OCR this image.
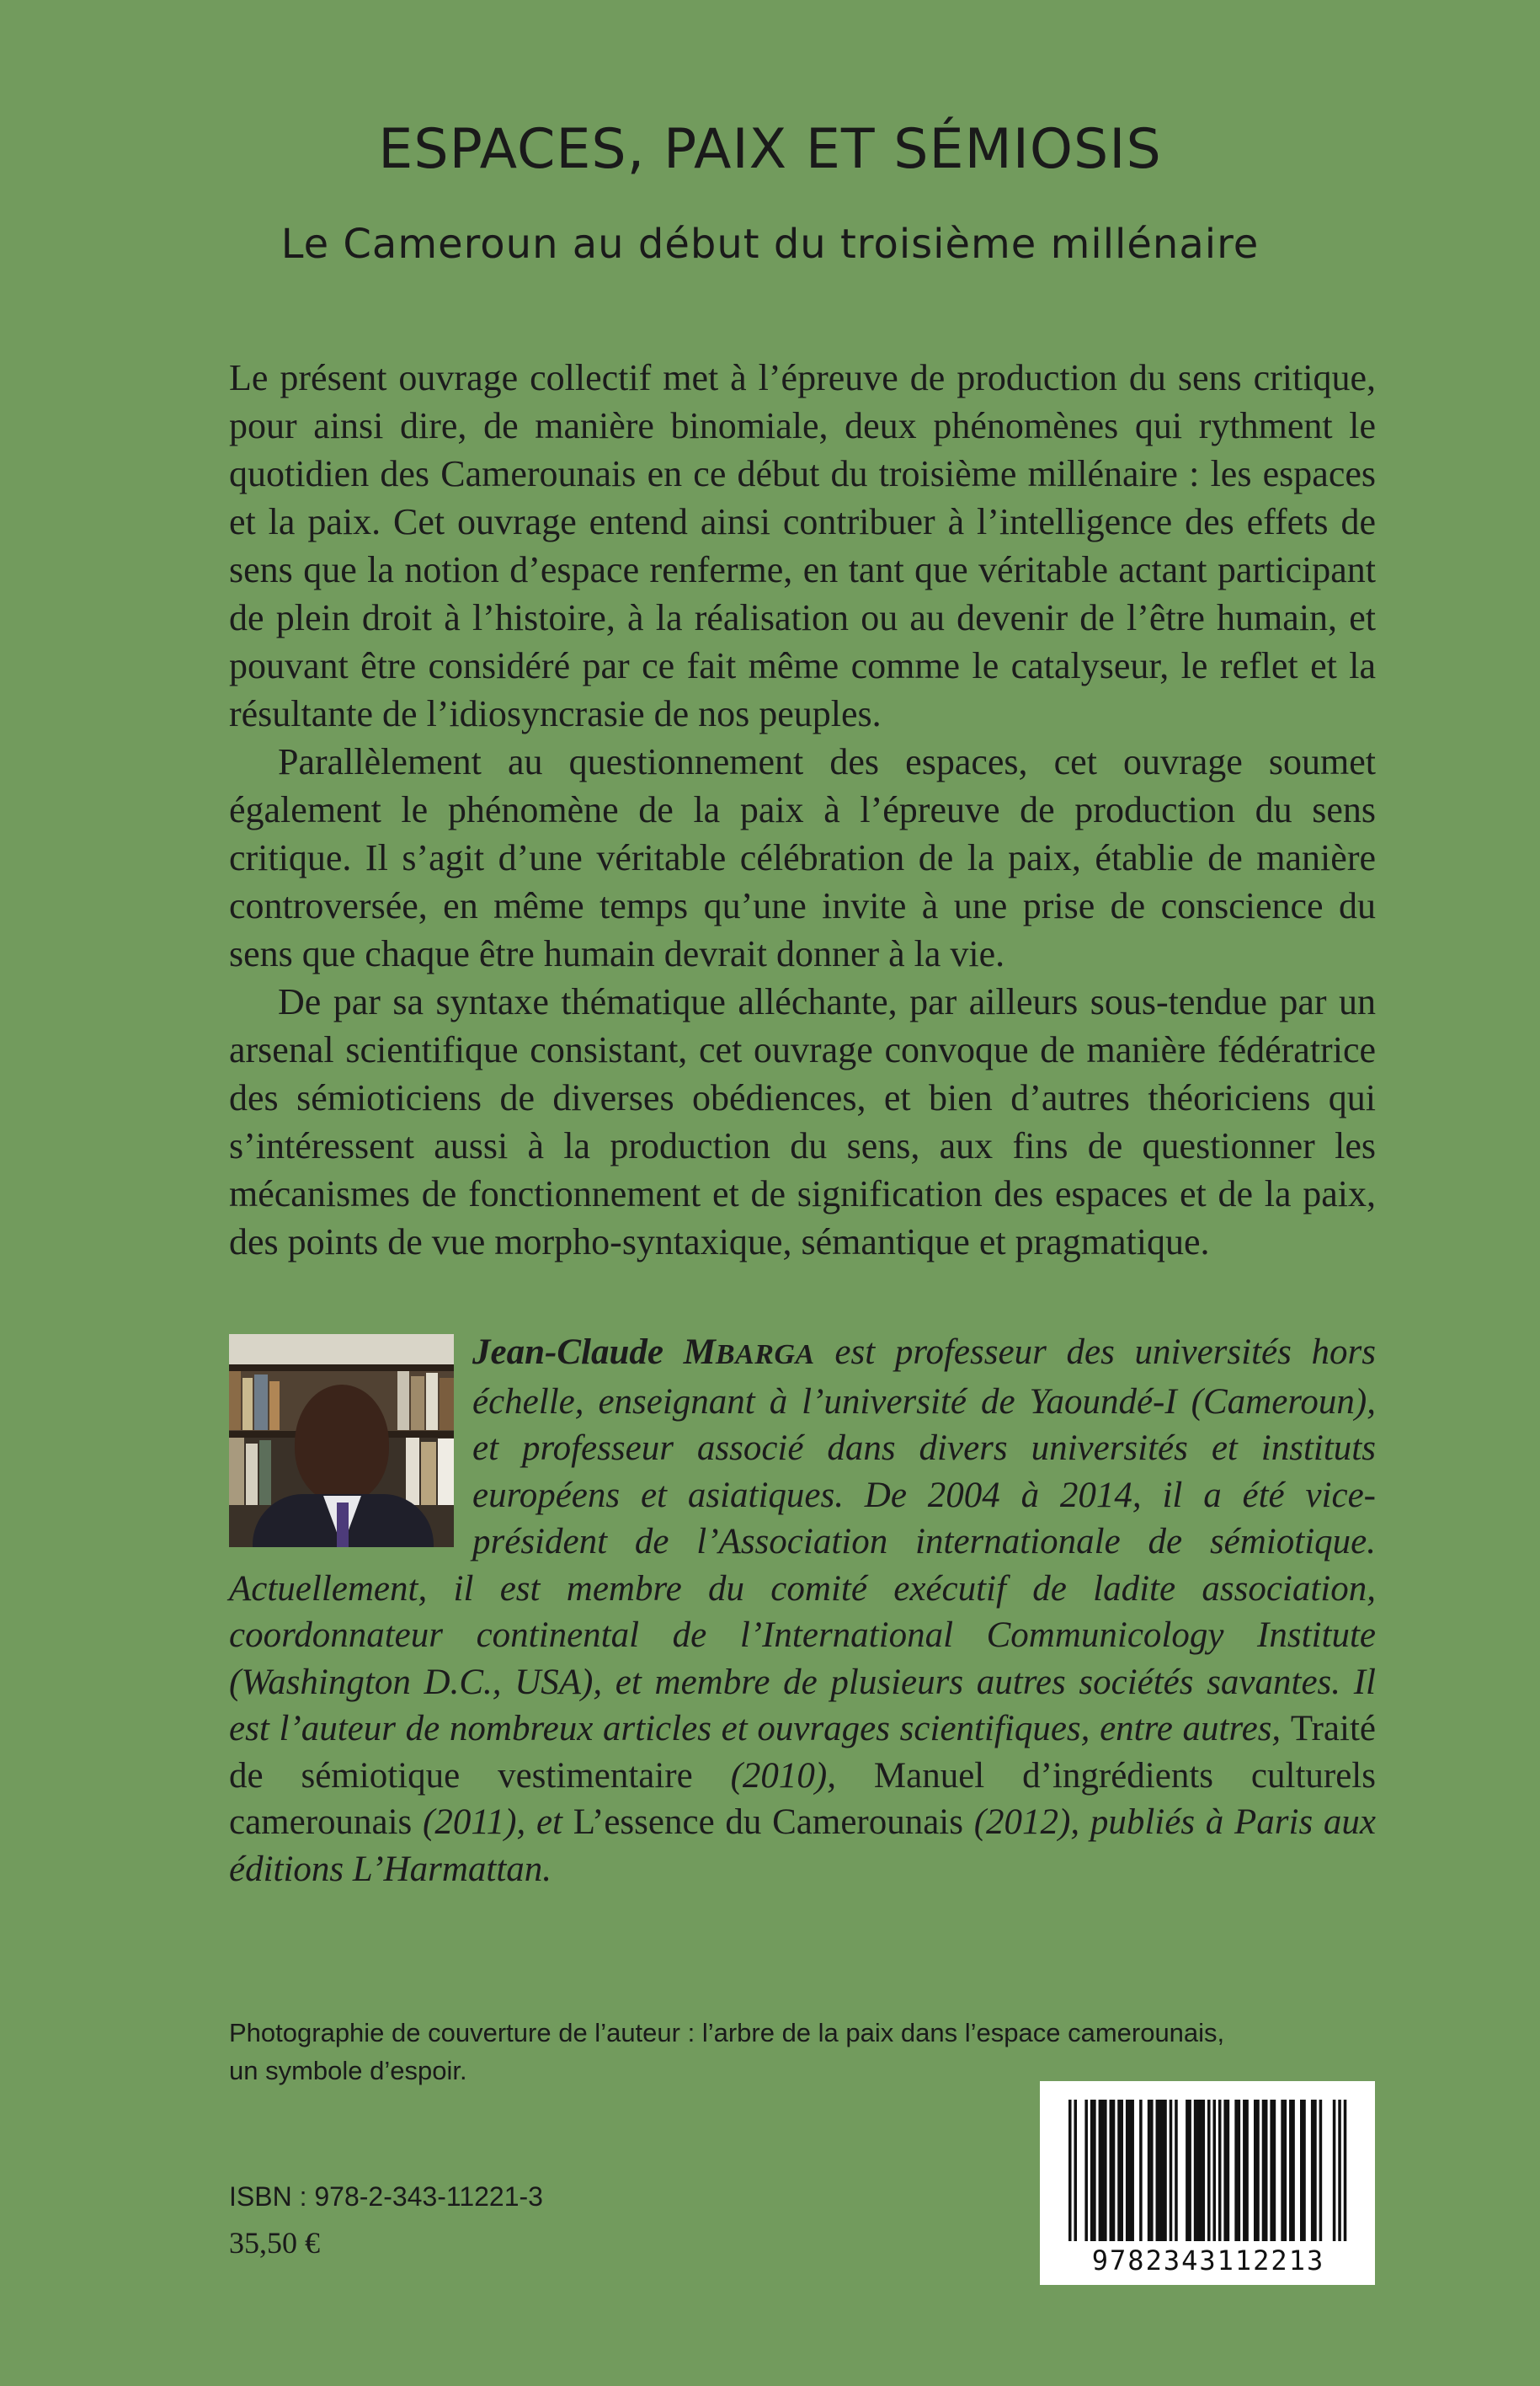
ESPACES, PAIX ET SÉMIOSIS
Le Cameroun au début du troisième millénaire

Le présent ouvrage collectif met à l’épreuve de production du sens critique, pour ainsi dire, de manière binomiale, deux phénomènes qui rythment le quotidien des Camerounais en ce début du troisième millénaire : les espaces et la paix. Cet ouvrage entend ainsi contribuer à l’intelligence des effets de sens que la notion d’espace renferme, en tant que véritable actant participant de plein droit à l’histoire, à la réalisation ou au devenir de l’être humain, et pouvant être considéré par ce fait même comme le catalyseur, le reflet et la résultante de l’idiosyncrasie de nos peuples.

Parallèlement au questionnement des espaces, cet ouvrage soumet également le phénomène de la paix à l’épreuve de production du sens critique. Il s’agit d’une véritable célébration de la paix, établie de manière controversée, en même temps qu’une invite à une prise de conscience du sens que chaque être humain devrait donner à la vie.

De par sa syntaxe thématique alléchante, par ailleurs sous-tendue par un arsenal scientifique consistant, cet ouvrage convoque de manière fédératrice des sémioticiens de diverses obédiences, et bien d’autres théoriciens qui s’intéressent aussi à la production du sens, aux fins de questionner les mécanismes de fonctionnement et de signification des espaces et de la paix, des points de vue morpho-syntaxique, sémantique et pragmatique.

Jean-Claude MBARGA est professeur des universités hors échelle, enseignant à l’université de Yaoundé-I (Cameroun), et professeur associé dans divers universités et instituts européens et asiatiques. De 2004 à 2014, il a été vice-président de l’Association internationale de sémiotique. Actuellement, il est membre du comité exécutif de ladite association, coordonnateur continental de l’International Communicology Institute (Washington D.C., USA), et membre de plusieurs autres sociétés savantes. Il est l’auteur de nombreux articles et ouvrages scientifiques, entre autres, Traité de sémiotique vestimentaire (2010), Manuel d’ingrédients culturels camerounais (2011), et L’essence du Camerounais (2012), publiés à Paris aux éditions L’Harmattan.
Photographie de couverture de l’auteur : l’arbre de la paix dans l’espace camerounais,
un symbole d’espoir.
9782343112213
ISBN : 978-2-343-11221-3
35,50 €
